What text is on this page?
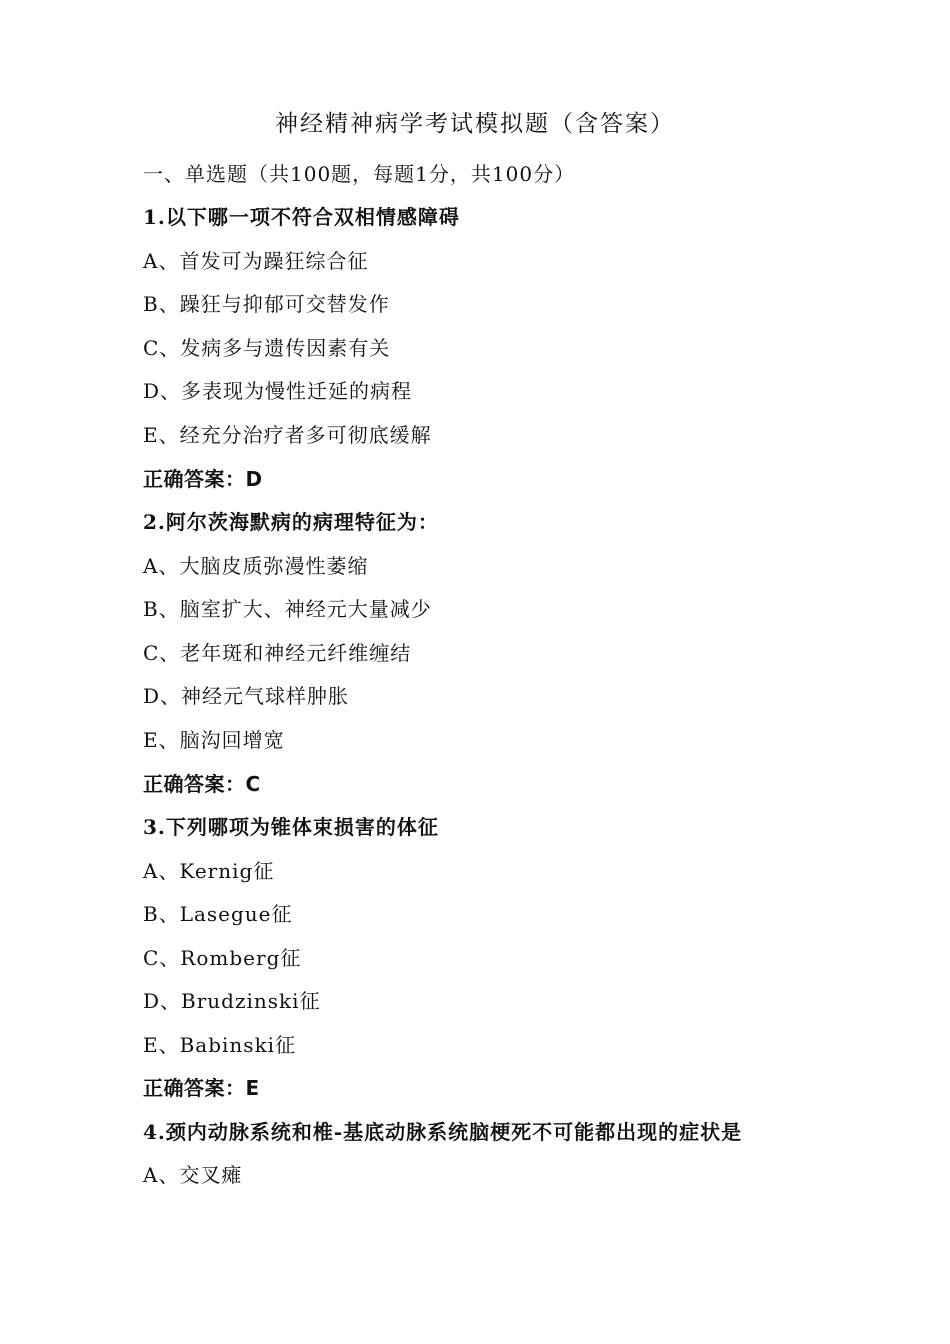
神经精神病学考试模拟题（含答案）
一、单选题（共100题，每题1分，共100分）
1.以下哪一项不符合双相情感障碍
A、首发可为躁狂综合征
B、躁狂与抑郁可交替发作
C、发病多与遗传因素有关
D、多表现为慢性迁延的病程
E、经充分治疗者多可彻底缓解
正确答案：D
2.阿尔茨海默病的病理特征为：
A、大脑皮质弥漫性萎缩
B、脑室扩大、神经元大量减少
C、老年斑和神经元纤维缠结
D、神经元气球样肿胀
E、脑沟回增宽
正确答案：C
3.下列哪项为锥体束损害的体征
A、Kernig征
B、Lasegue征
C、Romberg征
D、Brudzinski征
E、Babinski征
正确答案：E
4.颈内动脉系统和椎-基底动脉系统脑梗死不可能都出现的症状是
A、交叉瘫
